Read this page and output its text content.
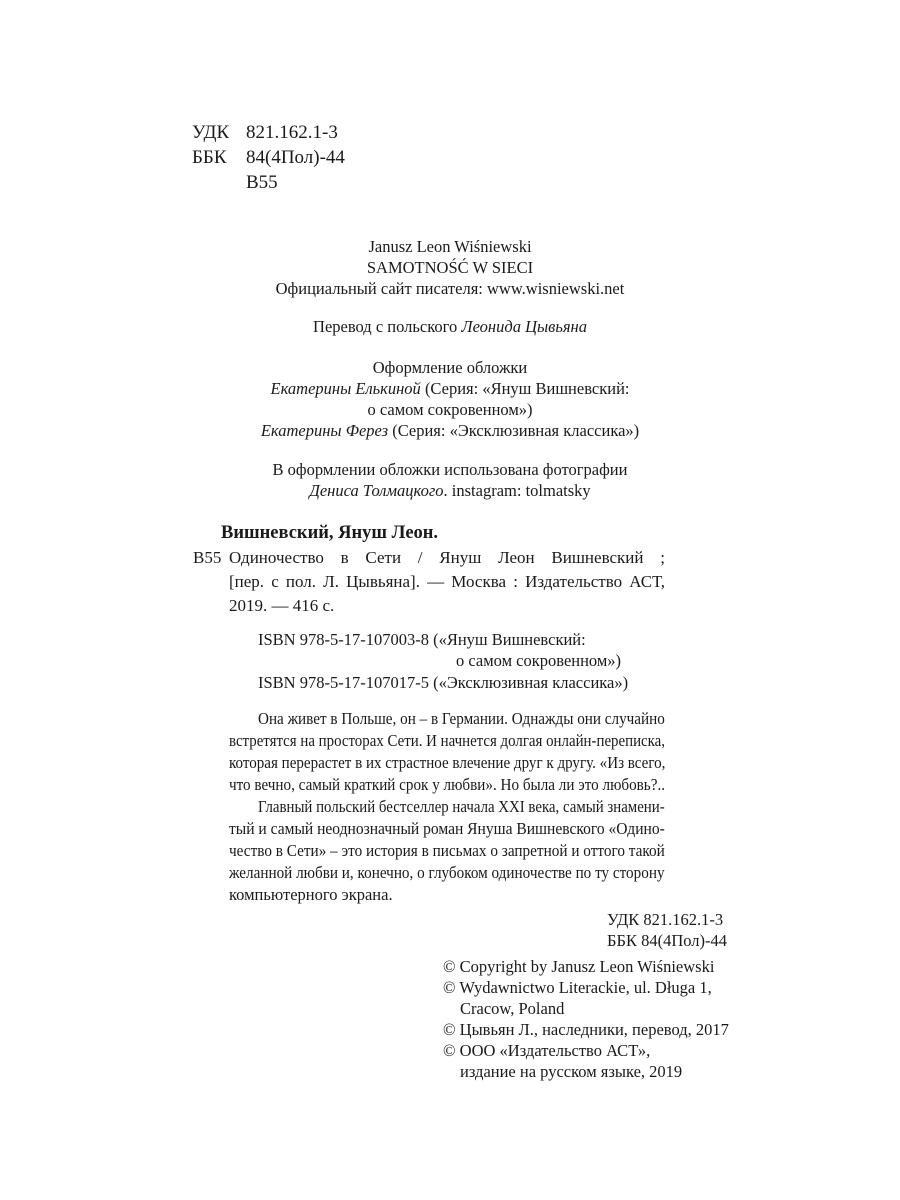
УДК 821.162.1-3
ББК 84(4Пол)-44
В55
Janusz Leon Wiśniewski
SAMOTNOŚĆ W SIECI
Официальный сайт писателя: www.wisniewski.net
Перевод с польского Леонида Цывьяна
Оформление обложки
Екатерины Елькиной (Серия: «Януш Вишневский:
о самом сокровенном»)
Екатерины Ферез (Серия: «Эксклюзивная классика»)
В оформлении обложки использована фотографии
Дениса Толмацкого. instagram: tolmatsky
Вишневский, Януш Леон.
В55 Одиночество в Сети / Януш Леон Вишневский ;
[пер. с пол. Л. Цывьяна]. — Москва : Издательство АСТ,
2019. — 416 с.
ISBN 978-5-17-107003-8 («Януш Вишневский:
о самом сокровенном»)
ISBN 978-5-17-107017-5 («Эксклюзивная классика»)
Она живет в Польше, он – в Германии. Однажды они случайно
встретятся на просторах Сети. И начнется долгая онлайн-переписка,
которая перерастет в их страстное влечение друг к другу. «Из всего,
что вечно, самый краткий срок у любви». Но была ли это любовь?..
Главный польский бестселлер начала XXI века, самый знамени-
тый и самый неоднозначный роман Януша Вишневского «Одино-
чество в Сети» – это история в письмах о запретной и оттого такой
желанной любви и, конечно, о глубоком одиночестве по ту сторону
компьютерного экрана.
УДК 821.162.1-3
ББК 84(4Пол)-44
© Copyright by Janusz Leon Wiśniewski
© Wydawnictwo Literackie, ul. Długa 1,
Cracow, Poland
© Цывьян Л., наследники, перевод, 2017
© ООО «Издательство АСТ»,
издание на русском языке, 2019
